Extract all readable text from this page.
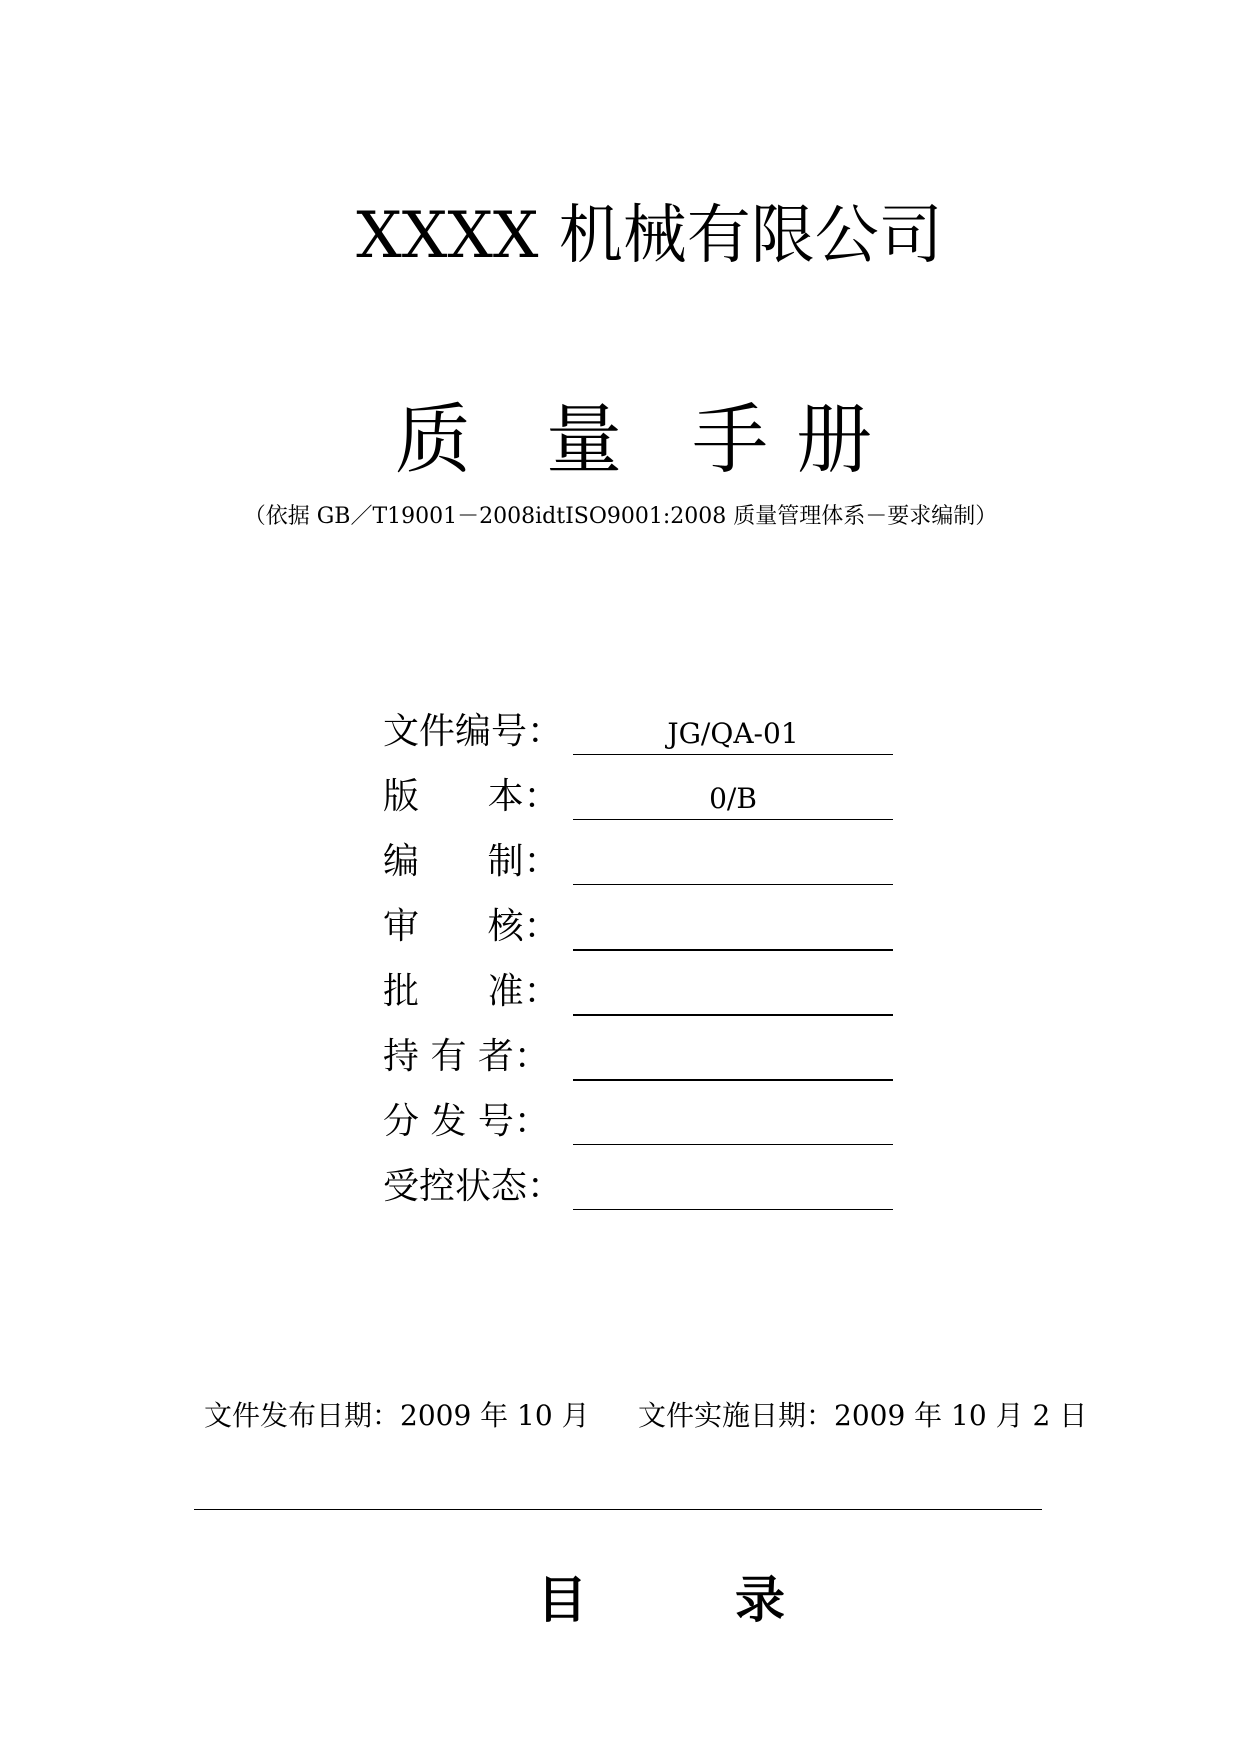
XXXX 机械有限公司
质 量 手 册
（依据 GB／T19001－2008idtISO9001:2008 质量管理体系－要求编制）
文件编号：	JG/QA-01
版      本：	0/B
编      制：
审      核：
批      准：
持 有 者：
分 发 号：
受控状态：
文件发布日期：2009 年 10 月 文件实施日期：2009 年 10 月 2 日
目	录
